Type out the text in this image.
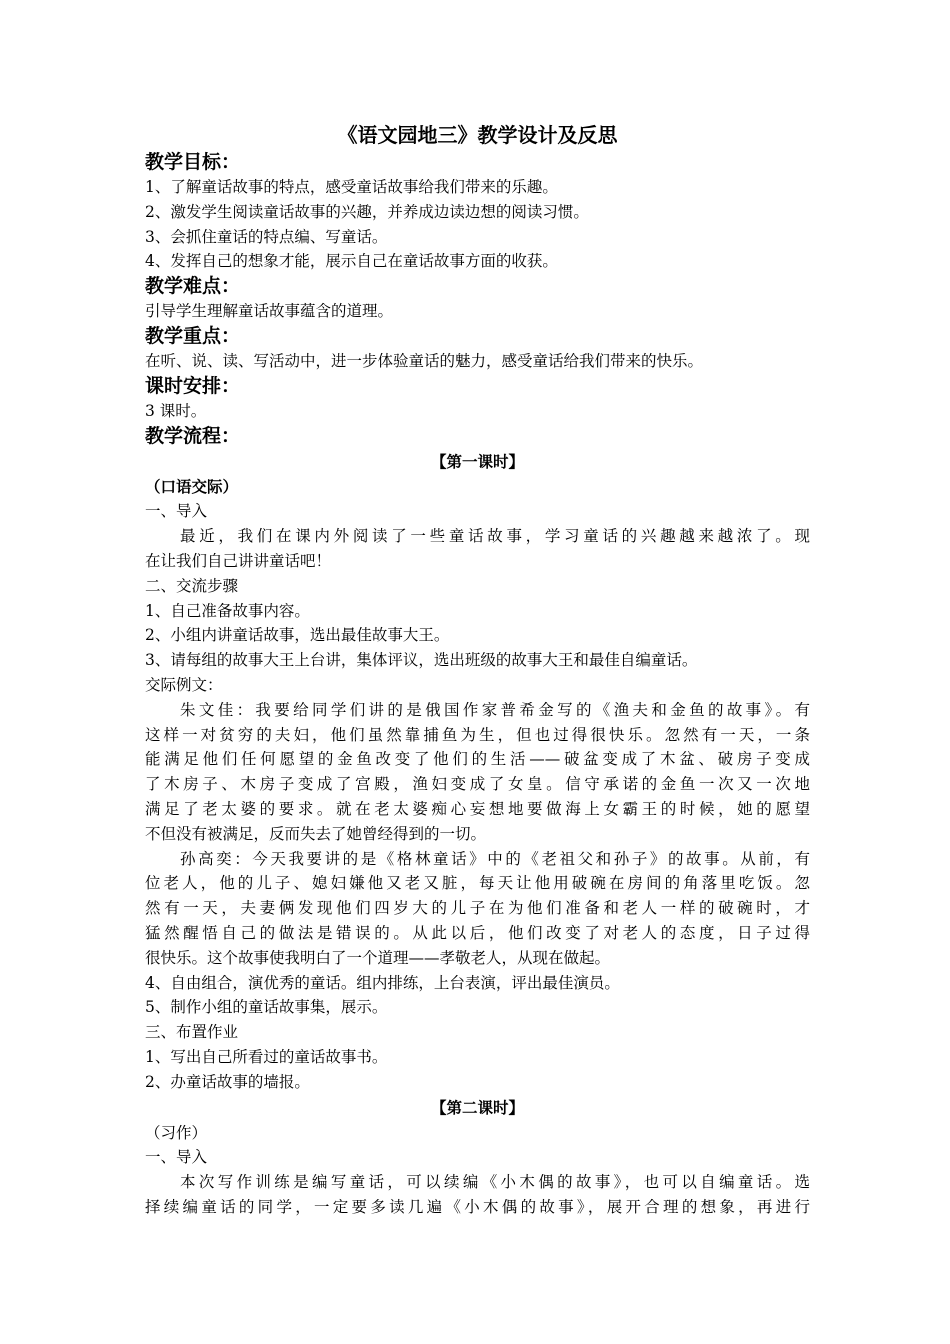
《语文园地三》教学设计及反思
教学目标：
1、了解童话故事的特点，感受童话故事给我们带来的乐趣。
2、激发学生阅读童话故事的兴趣，并养成边读边想的阅读习惯。
3、会抓住童话的特点编、写童话。
4、发挥自己的想象才能，展示自己在童话故事方面的收获。
教学难点：
引导学生理解童话故事蕴含的道理。
教学重点：
在听、说、读、写活动中，进一步体验童话的魅力，感受童话给我们带来的快乐。
课时安排：
3 课时。
教学流程：
【第一课时】
（口语交际）
一、导入
最近，我们在课内外阅读了一些童话故事，学习童话的兴趣越来越浓了。现
在让我们自己讲讲童话吧！
二、交流步骤
1、自己准备故事内容。
2、小组内讲童话故事，选出最佳故事大王。
3、请每组的故事大王上台讲，集体评议，选出班级的故事大王和最佳自编童话。
交际例文：
朱文佳：我要给同学们讲的是俄国作家普希金写的《渔夫和金鱼的故事》。有
这样一对贫穷的夫妇，他们虽然靠捕鱼为生，但也过得很快乐。忽然有一天，一条
能满足他们任何愿望的金鱼改变了他们的生活——破盆变成了木盆、破房子变成
了木房子、木房子变成了宫殿，渔妇变成了女皇。信守承诺的金鱼一次又一次地
满足了老太婆的要求。就在老太婆痴心妄想地要做海上女霸王的时候，她的愿望
不但没有被满足，反而失去了她曾经得到的一切。
孙高奕：今天我要讲的是《格林童话》中的《老祖父和孙子》的故事。从前，有
位老人，他的儿子、媳妇嫌他又老又脏，每天让他用破碗在房间的角落里吃饭。忽
然有一天，夫妻俩发现他们四岁大的儿子在为他们准备和老人一样的破碗时，才
猛然醒悟自己的做法是错误的。从此以后，他们改变了对老人的态度，日子过得
很快乐。这个故事使我明白了一个道理——孝敬老人，从现在做起。
4、自由组合，演优秀的童话。组内排练，上台表演，评出最佳演员。
5、制作小组的童话故事集，展示。
三、布置作业
1、写出自己所看过的童话故事书。
2、办童话故事的墙报。
【第二课时】
（习作）
一、导入
本次写作训练是编写童话，可以续编《小木偶的故事》，也可以自编童话。选
择续编童话的同学，一定要多读几遍《小木偶的故事》，展开合理的想象，再进行
